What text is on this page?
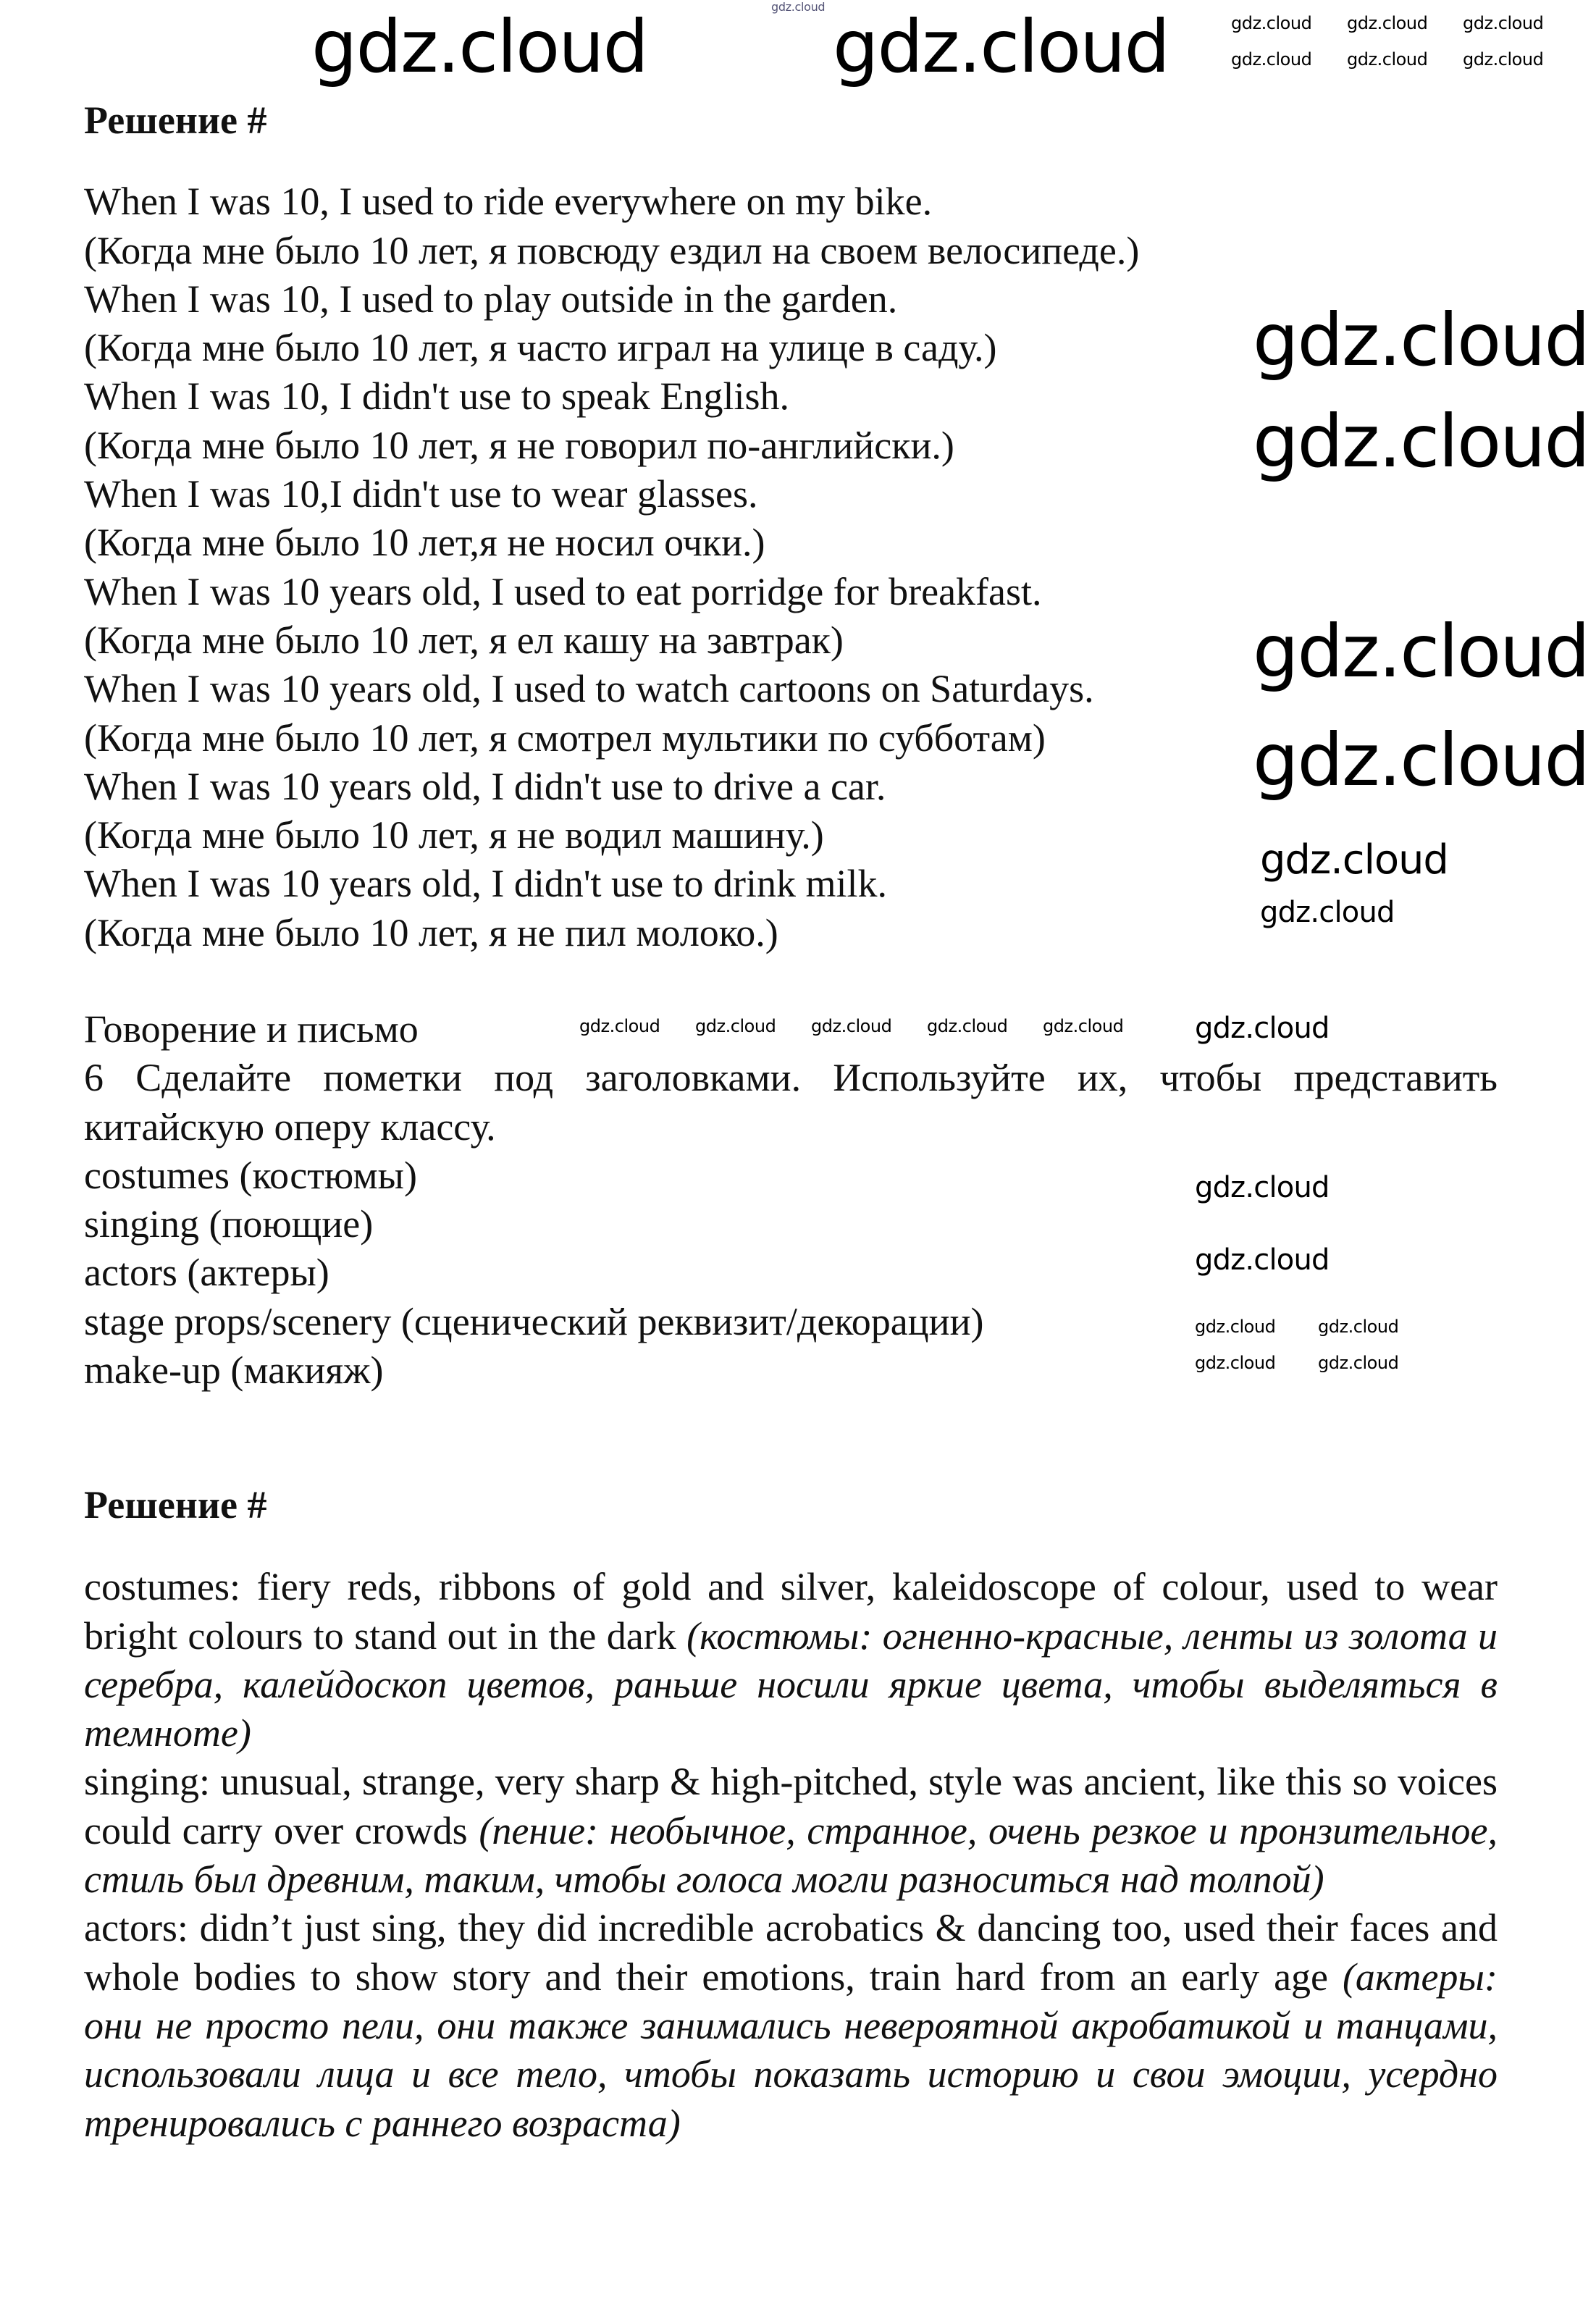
Решение #
When I was 10, I used to ride everywhere on my bike.
(Когда мне было 10 лет, я повсюду ездил на своем велосипеде.)
When I was 10, I used to play outside in the garden.
(Когда мне было 10 лет, я часто играл на улице в саду.)
When I was 10, I didn't use to speak English.
(Когда мне было 10 лет, я не говорил по-английски.)
When I was 10,I didn't use to wear glasses.
(Когда мне было 10 лет,я не носил очки.)
When I was 10 years old, I used to eat porridge for breakfast.
(Когда мне было 10 лет, я ел кашу на завтрак)
When I was 10 years old, I used to watch cartoons on Saturdays.
(Когда мне было 10 лет, я смотрел мультики по субботам)
When I was 10 years old, I didn't use to drive a car.
(Когда мне было 10 лет, я не водил машину.)
When I was 10 years old, I didn't use to drink milk.
(Когда мне было 10 лет, я не пил молоко.)
Говорение и письмо
6 Сделайте пометки под заголовками. Используйте их, чтобы представить китайскую оперу классу.
costumes (костюмы)
singing (поющие)
actors (актеры)
stage props/scenery (сценический реквизит/декорации)
make-up (макияж)
Решение #
costumes: fiery reds, ribbons of gold and silver, kaleidoscope of colour, used to wear bright colours to stand out in the dark (костюмы: огненно-красные, ленты из золота и серебра, калейдоскоп цветов, раньше носили яркие цвета, чтобы выделяться в темноте)
singing: unusual, strange, very sharp & high-pitched, style was ancient, like this so voices could carry over crowds (пение: необычное, странное, очень резкое и пронзительное, стиль был древним, таким, чтобы голоса могли разноситься над толпой)
actors: didn’t just sing, they did incredible acrobatics & dancing too, used their faces and whole bodies to show story and their emotions, train hard from an early age (актеры: они не просто пели, они также занимались невероятной акробатикой и танцами, использовали лица и все тело, чтобы показать историю и свои эмоции, усердно тренировались с раннего возраста)
gdz.cloud
gdz.cloud	gdz.cloud
gdz.cloud
gdz.cloud
gdz.cloud
gdz.cloud
gdz.cloud
gdz.cloud
gdz.cloud
gdz.cloud
gdz.cloud
gdz.cloud gdz.cloud gdz.cloud
gdz.cloud gdz.cloud gdz.cloud
gdz.cloud gdz.cloud gdz.cloud gdz.cloud gdz.cloud
gdz.cloud gdz.cloud
gdz.cloud gdz.cloud
